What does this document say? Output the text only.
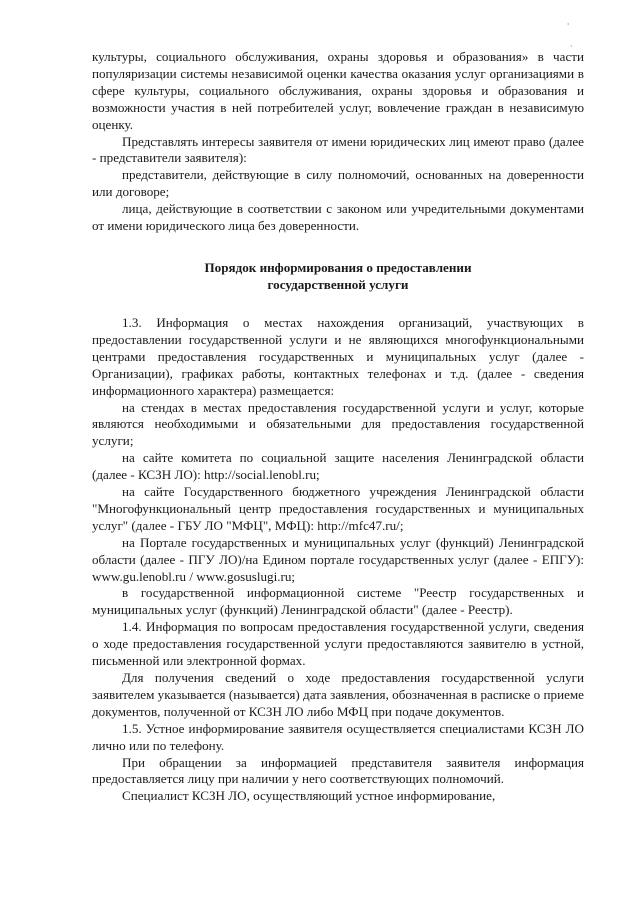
ˈ
·

культуры, социального обслуживания, охраны здоровья и образования» в части популяризации системы независимой оценки качества оказания услуг организациями в сфере культуры, социального обслуживания, охраны здоровья и образования и возможности участия в ней потребителей услуг, вовлечение граждан в независимую оценку.

Представлять интересы заявителя от имени юридических лиц имеют право (далее - представители заявителя):

представители, действующие в силу полномочий, основанных на доверенности или договоре;

лица, действующие в соответствии с законом или учредительными документами от имени юридического лица без доверенности.

Порядок информирования о предоставлении
государственной услуги

1.3. Информация о местах нахождения организаций, участвующих в предоставлении государственной услуги и не являющихся многофункциональными центрами предоставления государственных и муниципальных услуг (далее - Организации), графиках работы, контактных телефонах и т.д. (далее - сведения информационного характера) размещается:

на стендах в местах предоставления государственной услуги и услуг, которые являются необходимыми и обязательными для предоставления государственной услуги;

на сайте комитета по социальной защите населения Ленинградской области (далее - КСЗН ЛО): http://social.lenobl.ru;

на сайте Государственного бюджетного учреждения Ленинградской области "Многофункциональный центр предоставления государственных и муниципальных услуг" (далее - ГБУ ЛО "МФЦ", МФЦ): http://mfc47.ru/;

на Портале государственных и муниципальных услуг (функций) Ленинградской области (далее - ПГУ ЛО)/на Едином портале государственных услуг (далее - ЕПГУ): www.gu.lenobl.ru / www.gosuslugi.ru;

в государственной информационной системе "Реестр государственных и муниципальных услуг (функций) Ленинградской области" (далее - Реестр).

1.4. Информация по вопросам предоставления государственной услуги, сведения о ходе предоставления государственной услуги предоставляются заявителю в устной, письменной или электронной формах.

Для получения сведений о ходе предоставления государственной услуги заявителем указывается (называется) дата заявления, обозначенная в расписке о приеме документов, полученной от КСЗН ЛО либо МФЦ при подаче документов.

1.5. Устное информирование заявителя осуществляется специалистами КСЗН ЛО лично или по телефону.

При обращении за информацией представителя заявителя информация предоставляется лицу при наличии у него соответствующих полномочий.

Специалист КСЗН ЛО, осуществляющий устное информирование,
